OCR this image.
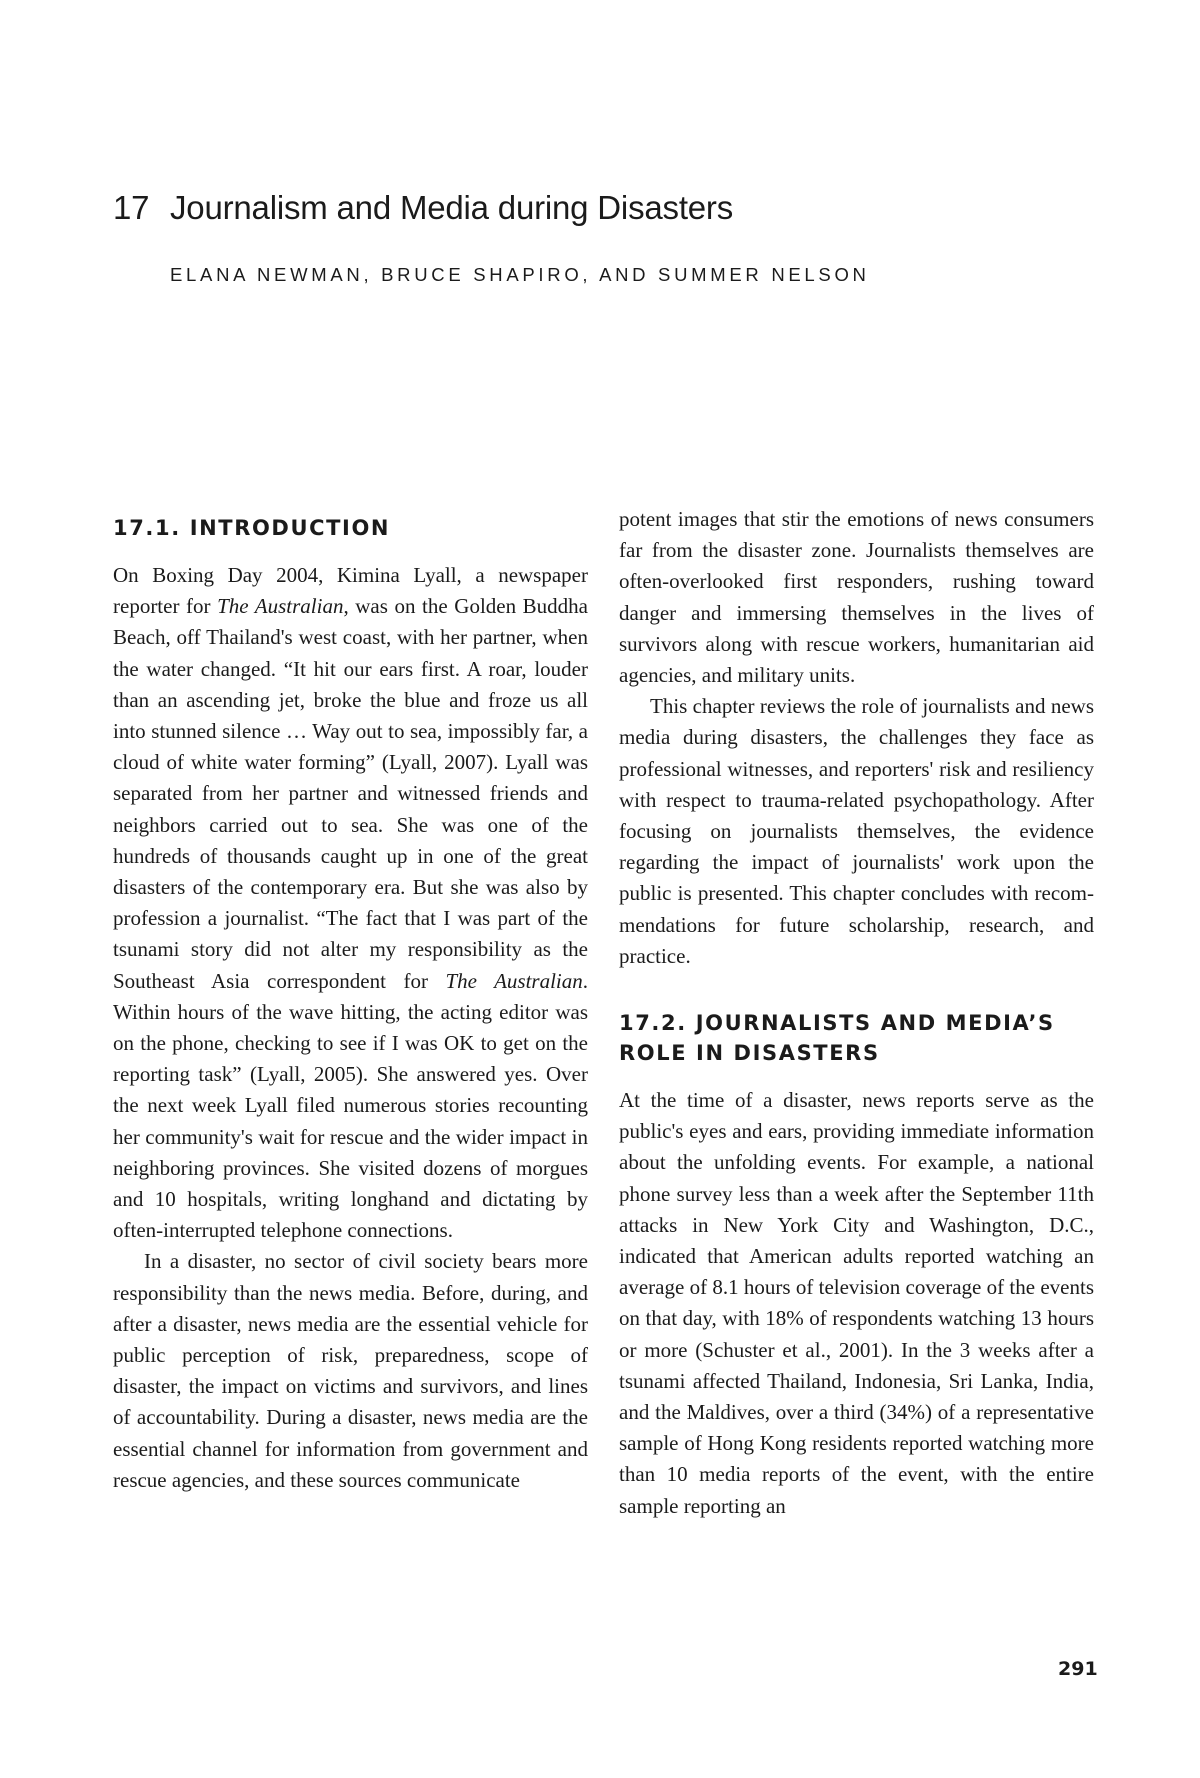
17 Journalism and Media during Disasters
ELANA NEWMAN, BRUCE SHAPIRO, AND SUMMER NELSON
17.1. INTRODUCTION

On Boxing Day 2004, Kimina Lyall, a newspaper reporter for The Australian, was on the Golden Buddha Beach, off Thailand's west coast, with her partner, when the water changed. “It hit our ears first. A roar, louder than an ascending jet, broke the blue and froze us all into stunned silence … Way out to sea, impossibly far, a cloud of white water forming” (Lyall, 2007). Lyall was separated from her partner and witnessed friends and neighbors carried out to sea. She was one of the hundreds of thousands caught up in one of the great disasters of the contemporary era. But she was also by profession a journalist. “The fact that I was part of the tsunami story did not alter my responsibility as the Southeast Asia correspondent for The Australian. Within hours of the wave hitting, the acting editor was on the phone, checking to see if I was OK to get on the reporting task” (Lyall, 2005). She answered yes. Over the next week Lyall filed numerous stories recounting her community's wait for rescue and the wider impact in neighboring provinces. She visited dozens of morgues and 10 hospitals, writing longhand and dictating by often-interrupted telephone connections.

In a disaster, no sector of civil society bears more responsibility than the news media. Before, during, and after a disaster, news media are the essential vehicle for public perception of risk, preparedness, scope of disaster, the impact on victims and survivors, and lines of accountability. During a disaster, news media are the essential channel for information from government and rescue agencies, and these sources communicate

potent images that stir the emotions of news consumers far from the disaster zone. Journalists themselves are often-overlooked first responders, rushing toward danger and immersing themselves in the lives of survivors along with rescue workers, humanitarian aid agencies, and military units.

This chapter reviews the role of journalists and news media during disasters, the challenges they face as professional witnesses, and reporters' risk and resiliency with respect to trauma-related psychopathology. After focusing on journalists themselves, the evidence regarding the impact of journalists' work upon the public is presented. This chapter concludes with recommendations for future scholarship, research, and practice.

17.2. JOURNALISTS AND MEDIA’S ROLE IN DISASTERS

At the time of a disaster, news reports serve as the public's eyes and ears, providing immediate information about the unfolding events. For example, a national phone survey less than a week after the September 11th attacks in New York City and Washington, D.C., indicated that American adults reported watching an average of 8.1 hours of television coverage of the events on that day, with 18% of respondents watching 13 hours or more (Schuster et al., 2001). In the 3 weeks after a tsunami affected Thailand, Indonesia, Sri Lanka, India, and the Maldives, over a third (34%) of a representative sample of Hong Kong residents reported watching more than 10 media reports of the event, with the entire sample reporting an

291
